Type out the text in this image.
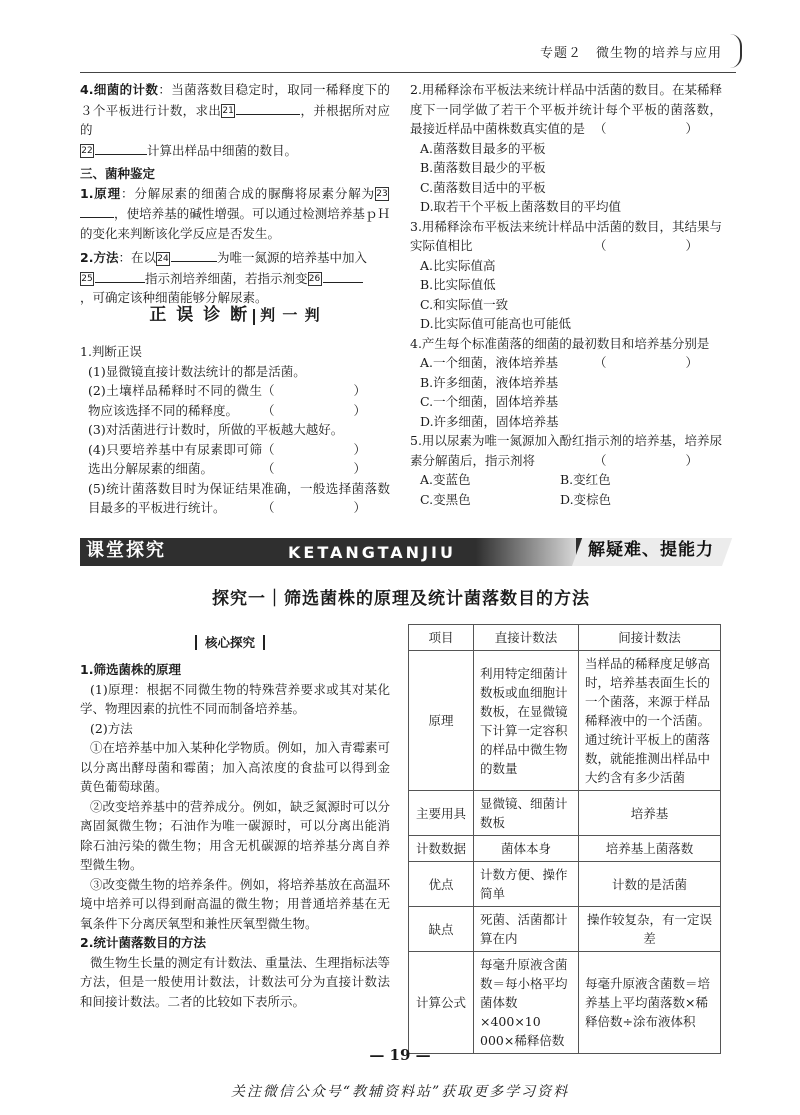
专题２　微生物的培养与应用

4.细菌的计数：当菌落数目稳定时，取同一稀释度下的３个平板进行计数，求出21	，并根据所对应的
22	计算出样品中细菌的数目。

三、菌种鉴定

1.原理：分解尿素的细菌合成的脲酶将尿素分解为23，使培养基的碱性增强。可以通过检测培养基ｐＨ的变化来判断该化学反应是否发生。

2.方法：在以24	为唯一氮源的培养基中加入
25	指示剂培养细菌，若指示剂变26
，可确定该种细菌能够分解尿素。

正 误 诊 断 判 一 判

1.判断正误

(1)显微镜直接计数法统计的都是活菌。
（　　）

(2)土壤样品稀释时不同的微生物应该选择不同的稀释度。 （　　）

(3)对活菌进行计数时，所做的平板越大越好。
（　　）

(4)只要培养基中有尿素即可筛选出分解尿素的细菌。	（　　）

(5)统计菌落数目时为保证结果准确，一般选择菌落数目最多的平板进行统计。	（　　）

2.用稀释涂布平板法来统计样品中活菌的数目。在某稀释度下一同学做了若干个平板并统计每个平板的菌落数，最接近样品中菌株数真实值的是 （　　）

A.菌落数目最多的平板

B.菌落数目最少的平板

C.菌落数目适中的平板

D.取若干个平板上菌落数目的平均值

3.用稀释涂布平板法来统计样品中活菌的数目，其结果与实际值相比	（　　）

A.比实际值高

B.比实际值低

C.和实际值一致

D.比实际值可能高也可能低

4.产生每个标准菌落的细菌的最初数目和培养基分别是
（　　）

A.一个细菌，液体培养基

B.许多细菌，液体培养基

C.一个细菌，固体培养基

D.许多细菌，固体培养基

5.用以尿素为唯一氮源加入酚红指示剂的培养基，培养尿素分解菌后，指示剂将	（　　）

A.变蓝色	B.变红色

C.变黑色	D.变棕色

课堂探究	KETANGTANJIU	解疑难、提能力
探究一｜筛选菌株的原理及统计菌落数目的方法
核心探究

1.筛选菌株的原理

(1)原理：根据不同微生物的特殊营养要求或其对某化学、物理因素的抗性不同而制备培养基。

(2)方法

①在培养基中加入某种化学物质。例如，加入青霉素可以分离出酵母菌和霉菌；加入高浓度的食盐可以得到金黄色葡萄球菌。

②改变培养基中的营养成分。例如，缺乏氮源时可以分离固氮微生物；石油作为唯一碳源时，可以分离出能消除石油污染的微生物；用含无机碳源的培养基分离自养型微生物。

③改变微生物的培养条件。例如，将培养基放在高温环境中培养可以得到耐高温的微生物；用普通培养基在无氧条件下分离厌氧型和兼性厌氧型微生物。

2.统计菌落数目的方法

微生物生长量的测定有计数法、重量法、生理指标法等方法，但是一般使用计数法，计数法可分为直接计数法和间接计数法。二者的比较如下表所示。

项目	直接计数法	间接计数法
原理	利用特定细菌计数板或血细胞计数板，在显微镜下计算一定容积的样品中微生物的数量	当样品的稀释度足够高时，培养基表面生长的一个菌落，来源于样品稀释液中的一个活菌。通过统计平板上的菌落数，就能推测出样品中大约含有多少活菌
主要用具	显微镜、细菌计数板	培养基
计数数据	菌体本身	培养基上菌落数
优点	计数方便、操作简单	计数的是活菌
缺点	死菌、活菌都计算在内	操作较复杂，有一定误差
计算公式	每毫升原液含菌数＝每小格平均菌体数×400×10 000×稀释倍数	每毫升原液含菌数＝培养基上平均菌落数×稀释倍数÷涂布液体积
— 19 —
关注微信公众号“教辅资料站”获取更多学习资料
